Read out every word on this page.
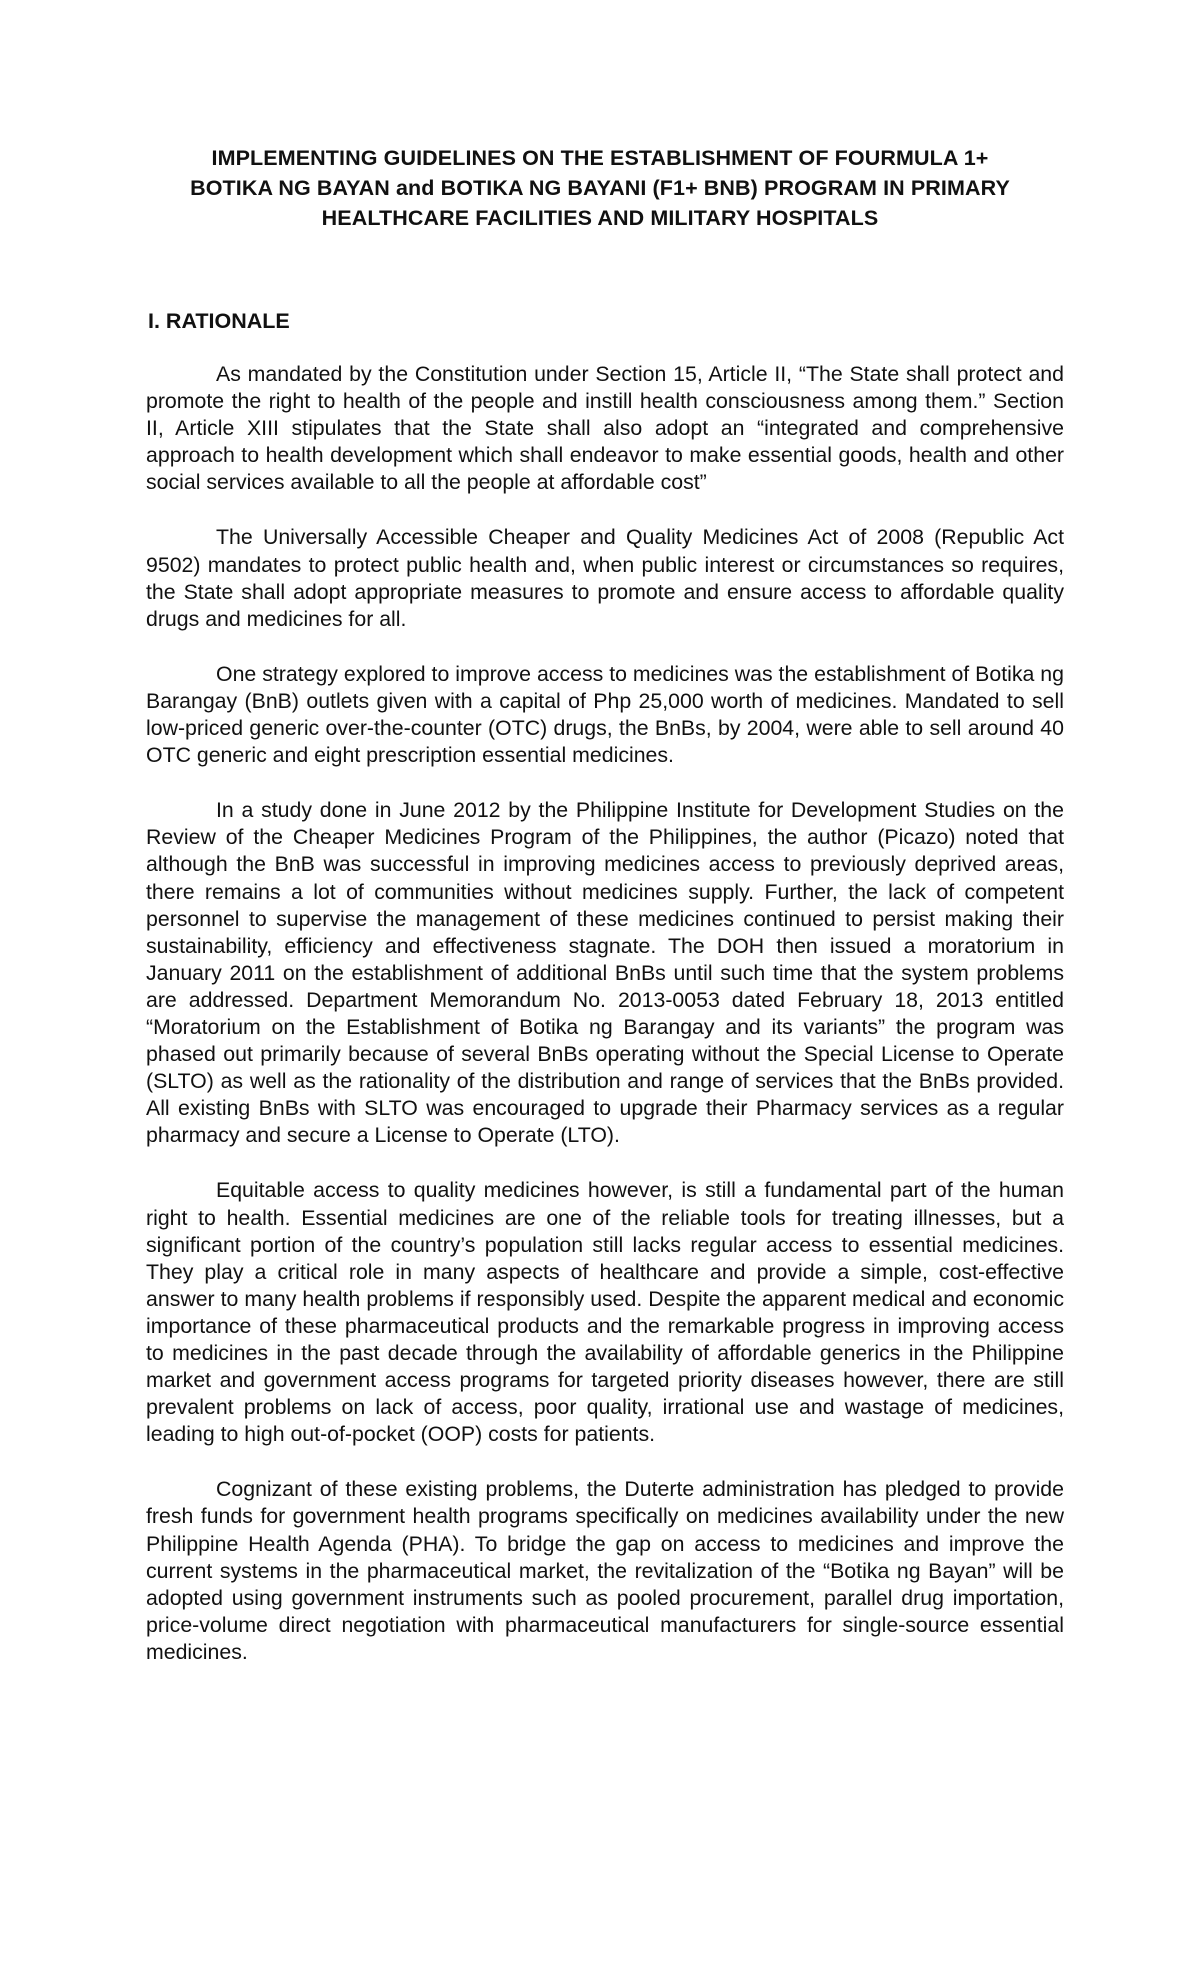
IMPLEMENTING GUIDELINES ON THE ESTABLISHMENT OF FOURMULA 1+
BOTIKA NG BAYAN and BOTIKA NG BAYANI (F1+ BNB) PROGRAM IN PRIMARY
HEALTHCARE FACILITIES AND MILITARY HOSPITALS
I. RATIONALE

As mandated by the Constitution under Section 15, Article II, “The State shall protect and promote the right to health of the people and instill health consciousness among them.” Section II, Article XIII stipulates that the State shall also adopt an “integrated and comprehensive approach to health development which shall endeavor to make essential goods, health and other social services available to all the people at affordable cost”

The Universally Accessible Cheaper and Quality Medicines Act of 2008 (Republic Act 9502) mandates to protect public health and, when public interest or circumstances so requires, the State shall adopt appropriate measures to promote and ensure access to affordable quality drugs and medicines for all.

One strategy explored to improve access to medicines was the establishment of Botika ng Barangay (BnB) outlets given with a capital of Php 25,000 worth of medicines. Mandated to sell low-priced generic over-the-counter (OTC) drugs, the BnBs, by 2004, were able to sell around 40 OTC generic and eight prescription essential medicines.

In a study done in June 2012 by the Philippine Institute for Development Studies on the Review of the Cheaper Medicines Program of the Philippines, the author (Picazo) noted that although the BnB was successful in improving medicines access to previously deprived areas, there remains a lot of communities without medicines supply. Further, the lack of competent personnel to supervise the management of these medicines continued to persist making their sustainability, efficiency and effectiveness stagnate. The DOH then issued a moratorium in January 2011 on the establishment of additional BnBs until such time that the system problems are addressed. Department Memorandum No. 2013-0053 dated February 18, 2013 entitled “Moratorium on the Establishment of Botika ng Barangay and its variants” the program was phased out primarily because of several BnBs operating without the Special License to Operate (SLTO) as well as the rationality of the distribution and range of services that the BnBs provided. All existing BnBs with SLTO was encouraged to upgrade their Pharmacy services as a regular pharmacy and secure a License to Operate (LTO).

Equitable access to quality medicines however, is still a fundamental part of the human right to health. Essential medicines are one of the reliable tools for treating illnesses, but a significant portion of the country’s population still lacks regular access to essential medicines. They play a critical role in many aspects of healthcare and provide a simple, cost-effective answer to many health problems if responsibly used. Despite the apparent medical and economic importance of these pharmaceutical products and the remarkable progress in improving access to medicines in the past decade through the availability of affordable generics in the Philippine market and government access programs for targeted priority diseases however, there are still prevalent problems on lack of access, poor quality, irrational use and wastage of medicines, leading to high out-of-pocket (OOP) costs for patients.

Cognizant of these existing problems, the Duterte administration has pledged to provide fresh funds for government health programs specifically on medicines availability under the new Philippine Health Agenda (PHA). To bridge the gap on access to medicines and improve the current systems in the pharmaceutical market, the revitalization of the “Botika ng Bayan” will be adopted using government instruments such as pooled procurement, parallel drug importation, price-volume direct negotiation with pharmaceutical manufacturers for single-source essential medicines.
